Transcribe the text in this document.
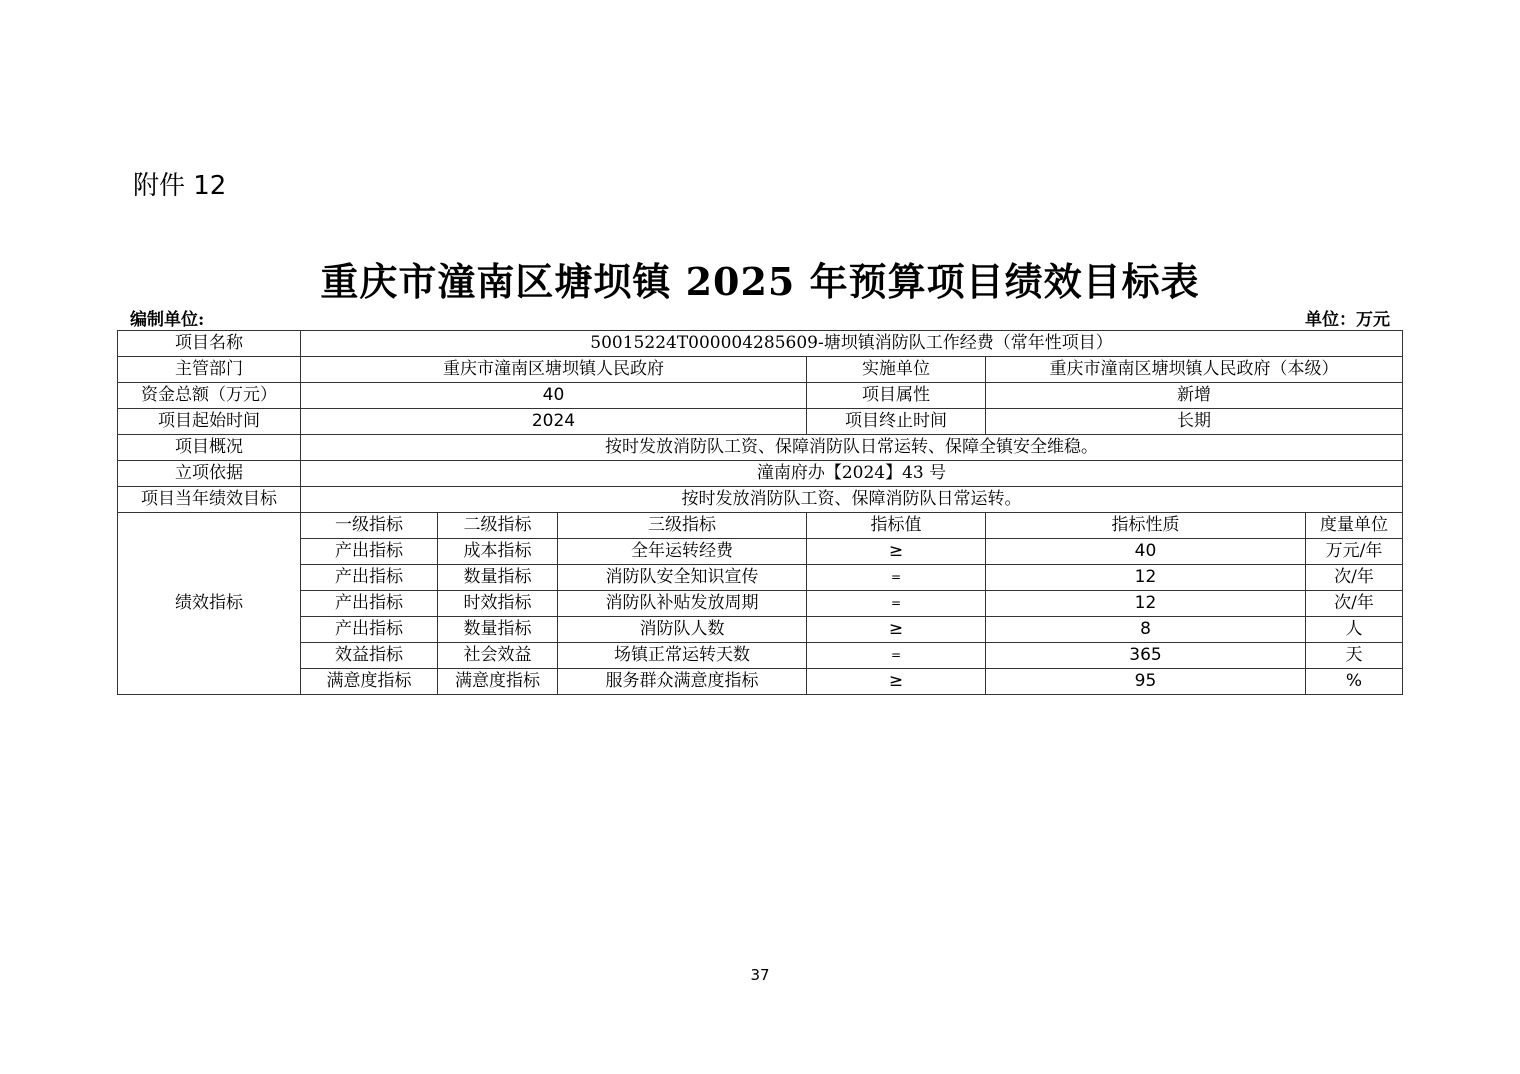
附件 12
重庆市潼南区塘坝镇 2025 年预算项目绩效目标表
编制单位:	单位：万元
项目名称	50015224T000004285609-塘坝镇消防队工作经费（常年性项目）					
主管部门	重庆市潼南区塘坝镇人民政府			实施单位	重庆市潼南区塘坝镇人民政府（本级）	
资金总额（万元）	40			项目属性	新增	
项目起始时间	2024			项目终止时间	长期	
项目概况	按时发放消防队工资、保障消防队日常运转、保障全镇安全维稳。					
立项依据	潼南府办【2024】43 号					
项目当年绩效目标	按时发放消防队工资、保障消防队日常运转。					
绩效指标	一级指标	二级指标	三级指标	指标值	指标性质	度量单位
	产出指标	成本指标	全年运转经费	≥	40	万元/年
	产出指标	数量指标	消防队安全知识宣传	=	12	次/年
	产出指标	时效指标	消防队补贴发放周期	=	12	次/年
	产出指标	数量指标	消防队人数	≥	8	人
	效益指标	社会效益	场镇正常运转天数	=	365	天
	满意度指标	满意度指标	服务群众满意度指标	≥	95	%
37
